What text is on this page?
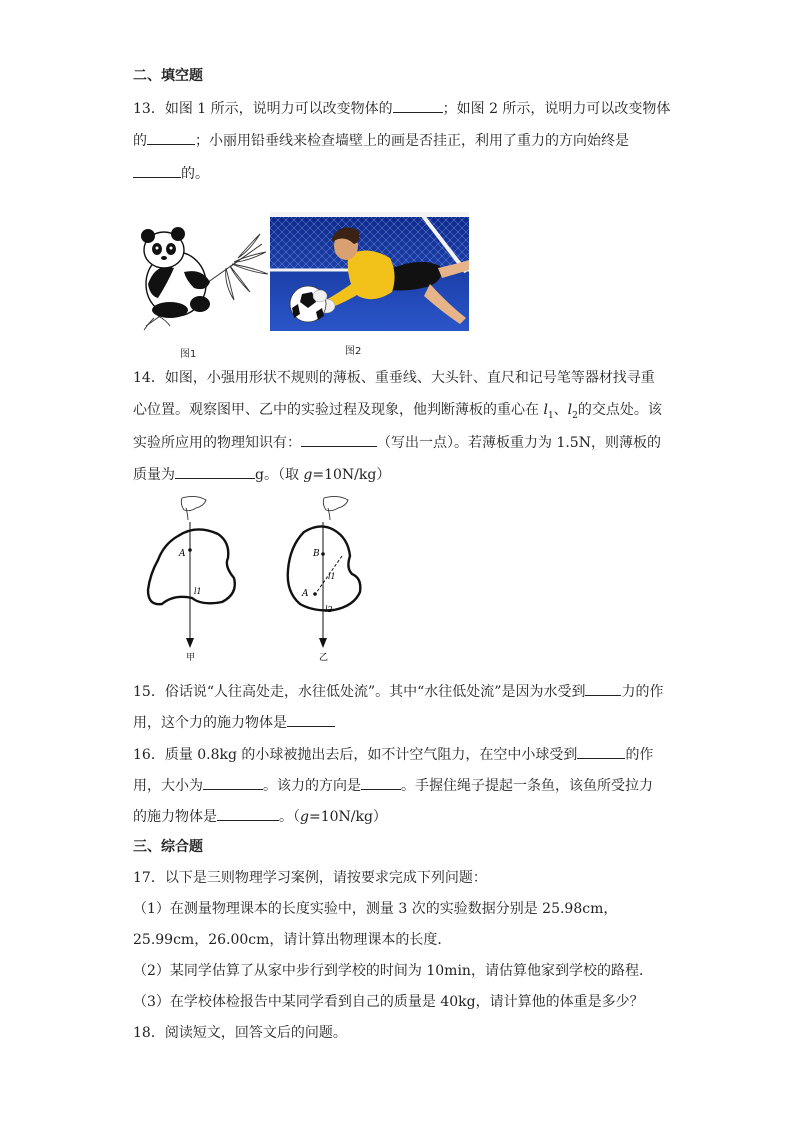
二、填空题
13．如图 1 所示，说明力可以改变物体的	；如图 2 所示，说明力可以改变物体
的	；小丽用铅垂线来检查墙壁上的画是否挂正，利用了重力的方向始终是
的。
图1	图2
14．如图，小强用形状不规则的薄板、重垂线、大头针、直尺和记号笔等器材找寻重
心位置。观察图甲、乙中的实验过程及现象，他判断薄板的重心在 $l_1$、$l_2$的交点处。该
实验所应用的物理知识有：	（写出一点）。若薄板重力为 1.5N，则薄板的
质量为	g。（取 g=10N/kg）
A
l1
甲
B
A
l1
l2
乙
15．俗话说“人往高处走，水往低处流”。其中“水往低处流”是因为水受到	力的作
用，这个力的施力物体是
16．质量 0.8kg 的小球被抛出去后，如不计空气阻力，在空中小球受到	的作
用，大小为	。该力的方向是	。手握住绳子提起一条鱼，该鱼所受拉力
的施力物体是	。（g=10N/kg）
三、综合题
17．以下是三则物理学习案例，请按要求完成下列问题：
（1）在测量物理课本的长度实验中，测量 3 次的实验数据分别是 25.98cm，
25.99cm，26.00cm，请计算出物理课本的长度．
（2）某同学估算了从家中步行到学校的时间为 10min，请估算他家到学校的路程．
（3）在学校体检报告中某同学看到自己的质量是 40kg，请计算他的体重是多少？
18．阅读短文，回答文后的问题。
